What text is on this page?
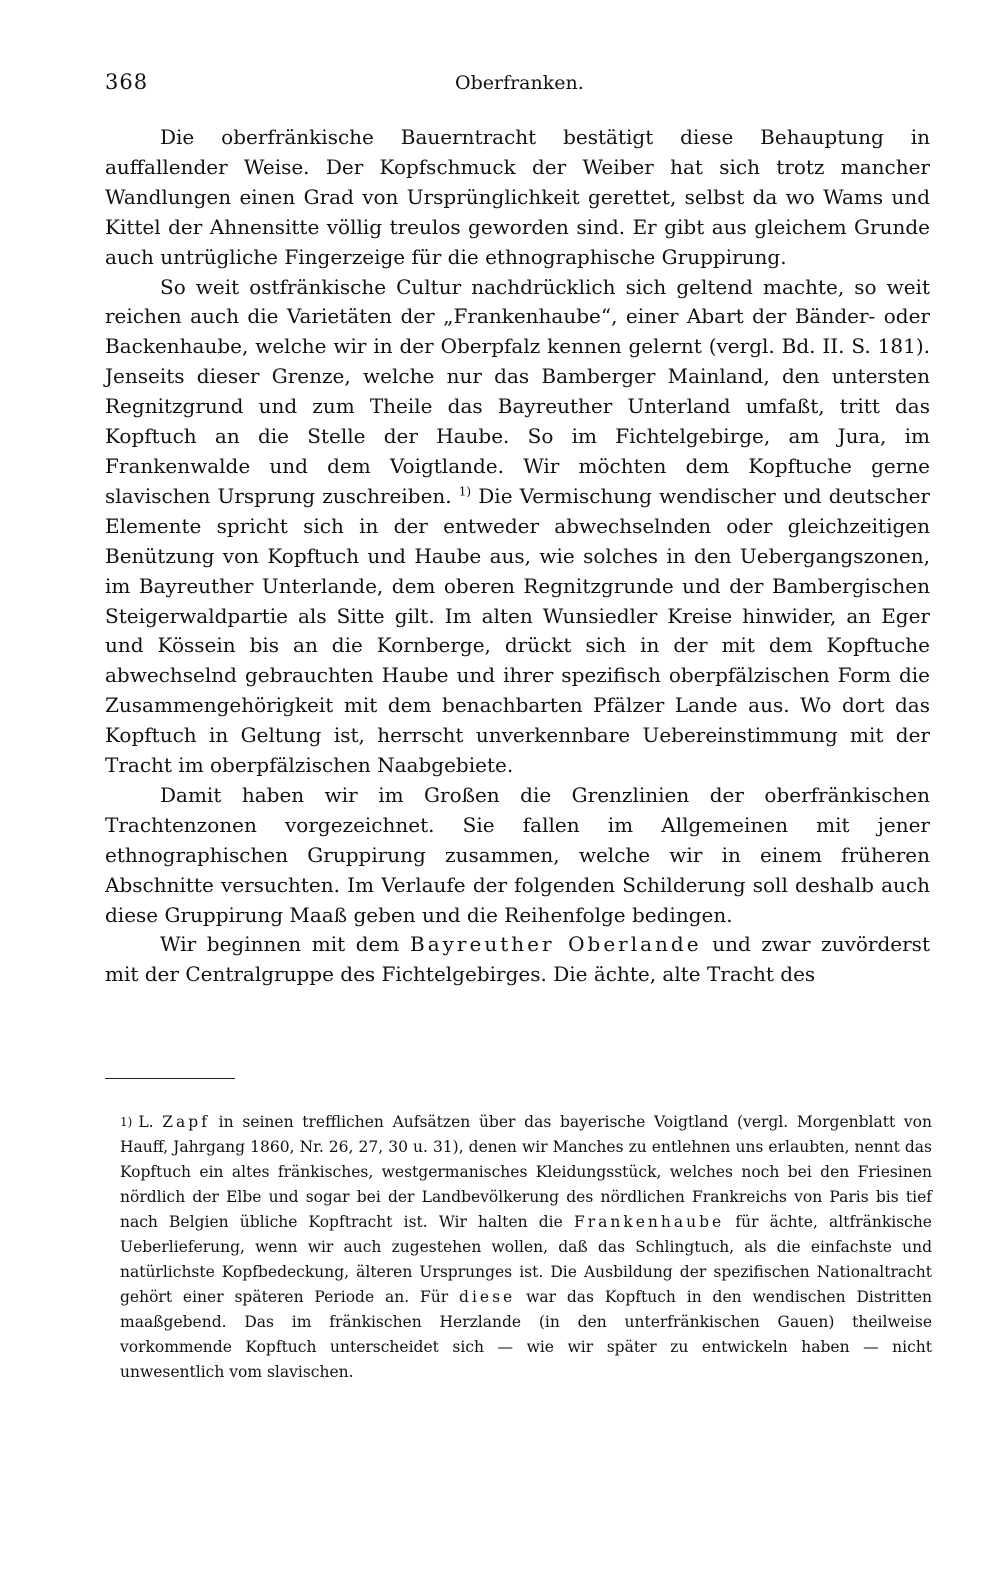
368	Oberfranken.

Die oberfränkische Bauerntracht bestätigt diese Behauptung in auffallender Weise. Der Kopfschmuck der Weiber hat sich trotz mancher Wandlungen einen Grad von Ursprünglichkeit gerettet, selbst da wo Wams und Kittel der Ahnensitte völlig treulos geworden sind. Er gibt aus gleichem Grunde auch untrügliche Fingerzeige für die ethnographische Gruppirung.

So weit ostfränkische Cultur nachdrücklich sich geltend machte, so weit reichen auch die Varietäten der „Frankenhaube“, einer Abart der Bänder- oder Backenhaube, welche wir in der Oberpfalz kennen gelernt (vergl. Bd. II. S. 181). Jenseits dieser Grenze, welche nur das Bamberger Mainland, den untersten Regnitzgrund und zum Theile das Bayreuther Unterland umfaßt, tritt das Kopftuch an die Stelle der Haube. So im Fichtelgebirge, am Jura, im Frankenwalde und dem Voigtlande. Wir möchten dem Kopftuche gerne slavischen Ursprung zuschreiben. $^{1)}$ Die Vermischung wendischer und deutscher Elemente spricht sich in der entweder abwechselnden oder gleichzeitigen Benützung von Kopftuch und Haube aus, wie solches in den Uebergangszonen, im Bayreuther Unterlande, dem oberen Regnitzgrunde und der Bambergischen Steigerwaldpartie als Sitte gilt. Im alten Wunsiedler Kreise hinwider, an Eger und Kössein bis an die Kornberge, drückt sich in der mit dem Kopftuche abwechselnd gebrauchten Haube und ihrer spezifisch oberpfälzischen Form die Zusammengehörigkeit mit dem benachbarten Pfälzer Lande aus. Wo dort das Kopftuch in Geltung ist, herrscht unverkennbare Uebereinstimmung mit der Tracht im oberpfälzischen Naabgebiete.

Damit haben wir im Großen die Grenzlinien der oberfränkischen Trachtenzonen vorgezeichnet. Sie fallen im Allgemeinen mit jener ethnographischen Gruppirung zusammen, welche wir in einem früheren Abschnitte versuchten. Im Verlaufe der folgenden Schilderung soll deshalb auch diese Gruppirung Maaß geben und die Reihenfolge bedingen.

Wir beginnen mit dem Bayreuther Oberlande und zwar zuvörderst mit der Centralgruppe des Fichtelgebirges. Die ächte, alte Tracht des

$^{1)}$ L. Zapf in seinen trefflichen Aufsätzen über das bayerische Voigtland (vergl. Morgenblatt von Hauff, Jahrgang 1860, Nr. 26, 27, 30 u. 31), denen wir Manches zu entlehnen uns erlaubten, nennt das Kopftuch ein altes fränkisches, westgermanisches Kleidungsstück, welches noch bei den Friesinen nördlich der Elbe und sogar bei der Landbevölkerung des nördlichen Frankreichs von Paris bis tief nach Belgien übliche Kopftracht ist. Wir halten die Frankenhaube für ächte, altfränkische Ueberlieferung, wenn wir auch zugestehen wollen, daß das Schlingtuch, als die einfachste und natürlichste Kopfbedeckung, älteren Ursprunges ist. Die Ausbildung der spezifischen Nationaltracht gehört einer späteren Periode an. Für diese war das Kopftuch in den wendischen Distritten maaßgebend. Das im fränkischen Herzlande (in den unterfränkischen Gauen) theilweise vorkommende Kopftuch unterscheidet sich — wie wir später zu entwickeln haben — nicht unwesentlich vom slavischen.
